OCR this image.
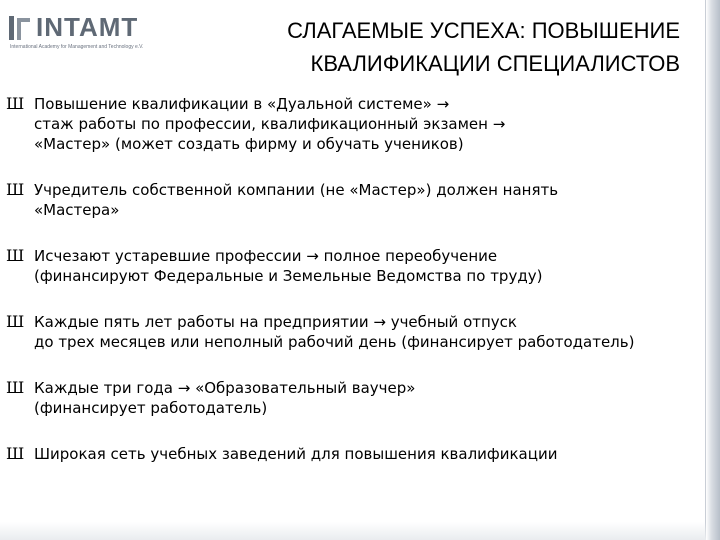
INTAMT
International Academy for Management and Technology e.V.
СЛАГАЕМЫЕ УСПЕХА: ПОВЫШЕНИЕ
КВАЛИФИКАЦИИ СПЕЦИАЛИСТОВ
Ш Повышение квалификации в «Дуальной системе» →
стаж работы по профессии, квалификационный экзамен →
«Мастер» (может создать фирму и обучать учеников)
Ш Учредитель собственной компании (не «Мастер») должен нанять
«Мастера»
Ш Исчезают устаревшие профессии → полное переобучение
(финансируют Федеральные и Земельные Ведомства по труду)
Ш Каждые пять лет работы на предприятии → учебный отпуск
до трех месяцев или неполный рабочий день (финансирует работодатель)
Ш Каждые три года → «Образовательный ваучер»
(финансирует работодатель)
Ш Широкая сеть учебных заведений для повышения квалификации
